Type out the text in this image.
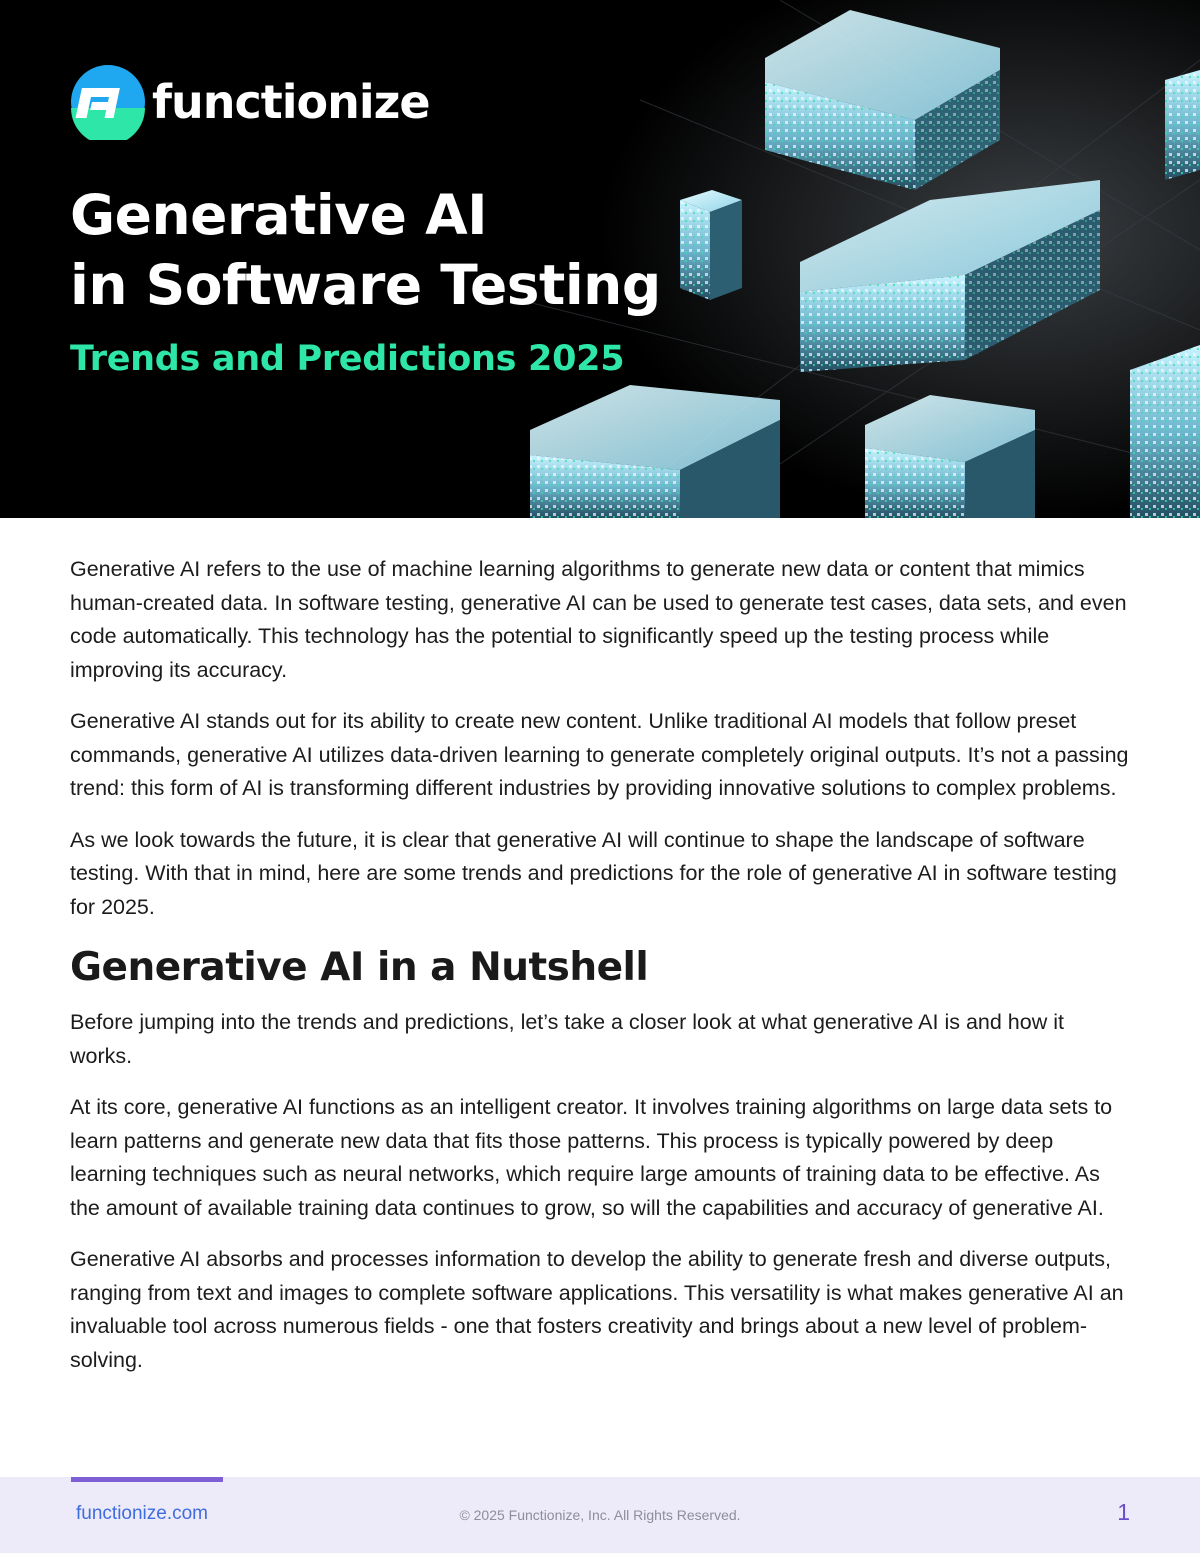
functionize
Generative AI
in Software Testing
Trends and Predictions 2025

Generative AI refers to the use of machine learning algorithms to generate new data or content that mimics human-created data. In software testing, generative AI can be used to generate test cases, data sets, and even code automatically. This technology has the potential to significantly speed up the testing process while improving its accuracy.

Generative AI stands out for its ability to create new content. Unlike traditional AI models that follow preset commands, generative AI utilizes data-driven learning to generate completely original outputs. It’s not a passing trend: this form of AI is transforming different industries by providing innovative solutions to complex problems.

As we look towards the future, it is clear that generative AI will continue to shape the landscape of software testing. With that in mind, here are some trends and predictions for the role of generative AI in software testing for 2025.

Generative AI in a Nutshell

Before jumping into the trends and predictions, let’s take a closer look at what generative AI is and how it works.

At its core, generative AI functions as an intelligent creator. It involves training algorithms on large data sets to learn patterns and generate new data that fits those patterns. This process is typically powered by deep learning techniques such as neural networks, which require large amounts of training data to be effective. As the amount of available training data continues to grow, so will the capabilities and accuracy of generative AI.

Generative AI absorbs and processes information to develop the ability to generate fresh and diverse outputs, ranging from text and images to complete software applications. This versatility is what makes generative AI an invaluable tool across numerous fields - one that fosters creativity and brings about a new level of problem-solving.

functionize.com	© 2025 Functionize, Inc. All Rights Reserved.	1
